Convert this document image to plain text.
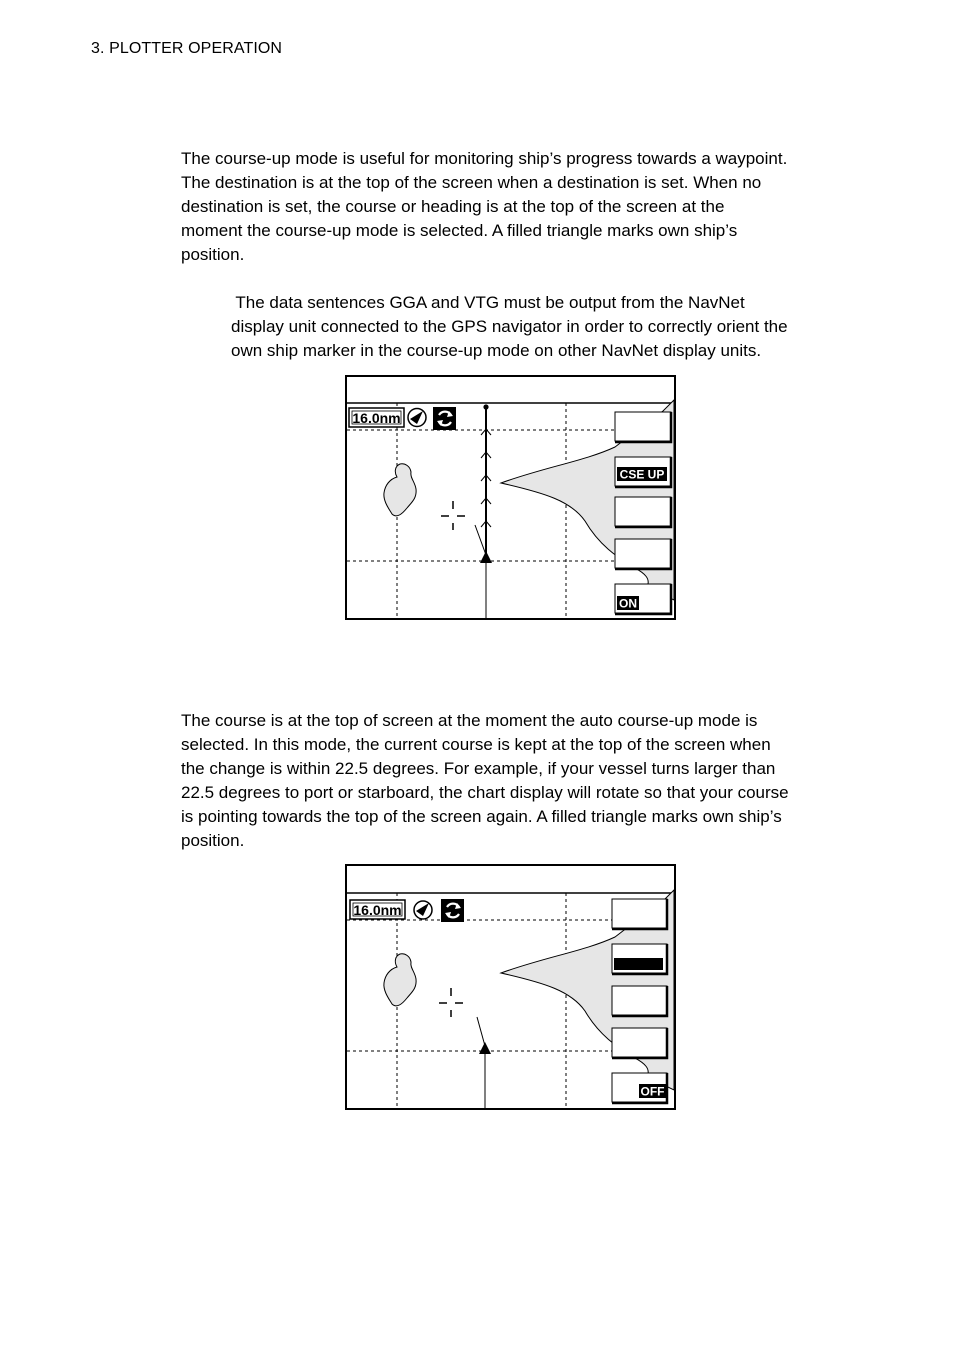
3. PLOTTER OPERATION

The course-up mode is useful for monitoring ship’s progress towards a waypoint.

The destination is at the top of the screen when a destination is set. When no

destination is set, the course or heading is at the top of the screen at the

moment the course-up mode is selected. A filled triangle marks own ship’s

position.

The data sentences GGA and VTG must be output from the NavNet

display unit connected to the GPS navigator in order to correctly orient the

own ship marker in the course-up mode on other NavNet display units.

16.0nm
CSE UP
ON

The course is at the top of screen at the moment the auto course-up mode is

selected. In this mode, the current course is kept at the top of the screen when

the change is within 22.5 degrees. For example, if your vessel turns larger than

22.5 degrees to port or starboard, the chart display will rotate so that your course

is pointing towards the top of the screen again. A filled triangle marks own ship’s

position.

16.0nm
OFF
